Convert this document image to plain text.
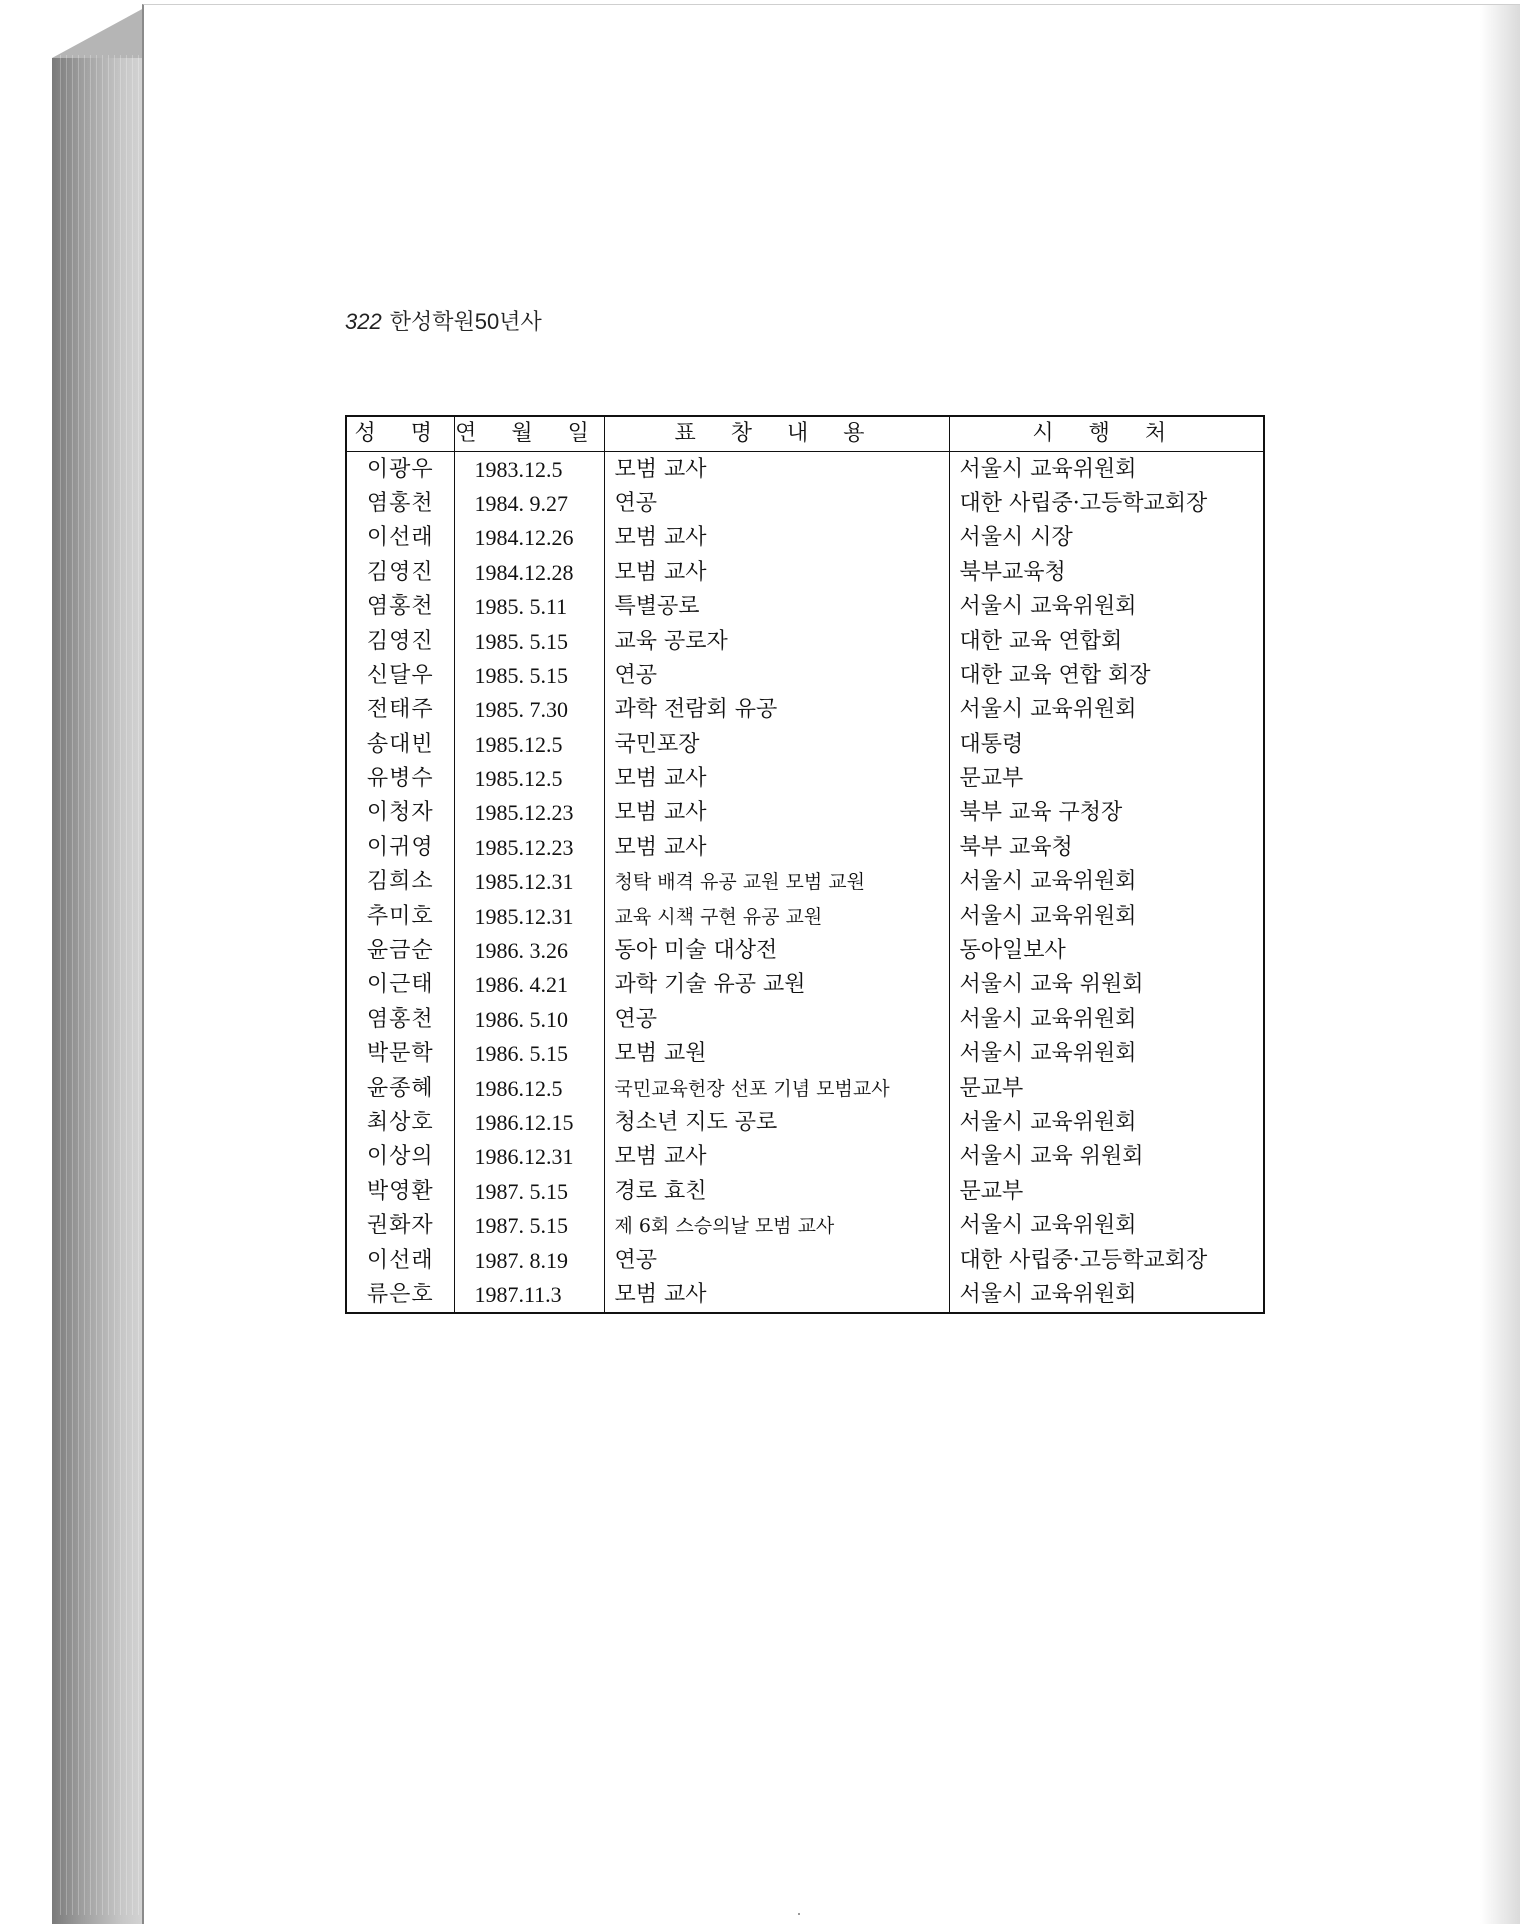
322 한성학원50년사
성 명	연 월 일	표 창 내 용	시 행 처
이광우	1983.12.5	모범 교사	서울시 교육위원회
염홍천	1984. 9.27	연공	대한 사립중·고등학교회장
이선래	1984.12.26	모범 교사	서울시 시장
김영진	1984.12.28	모범 교사	북부교육청
염홍천	1985. 5.11	특별공로	서울시 교육위원회
김영진	1985. 5.15	교육 공로자	대한 교육 연합회
신달우	1985. 5.15	연공	대한 교육 연합 회장
전태주	1985. 7.30	과학 전람회 유공	서울시 교육위원회
송대빈	1985.12.5	국민포장	대통령
유병수	1985.12.5	모범 교사	문교부
이청자	1985.12.23	모범 교사	북부 교육 구청장
이귀영	1985.12.23	모범 교사	북부 교육청
김희소	1985.12.31	청탁 배격 유공 교원 모범 교원	서울시 교육위원회
추미호	1985.12.31	교육 시책 구현 유공 교원	서울시 교육위원회
윤금순	1986. 3.26	동아 미술 대상전	동아일보사
이근태	1986. 4.21	과학 기술 유공 교원	서울시 교육 위원회
염홍천	1986. 5.10	연공	서울시 교육위원회
박문학	1986. 5.15	모범 교원	서울시 교육위원회
윤종혜	1986.12.5	국민교육헌장 선포 기념 모범교사	문교부
최상호	1986.12.15	청소년 지도 공로	서울시 교육위원회
이상의	1986.12.31	모범 교사	서울시 교육 위원회
박영환	1987. 5.15	경로 효친	문교부
권화자	1987. 5.15	제 6회 스승의날 모범 교사	서울시 교육위원회
이선래	1987. 8.19	연공	대한 사립중·고등학교회장
류은호	1987.11.3	모범 교사	서울시 교육위원회
